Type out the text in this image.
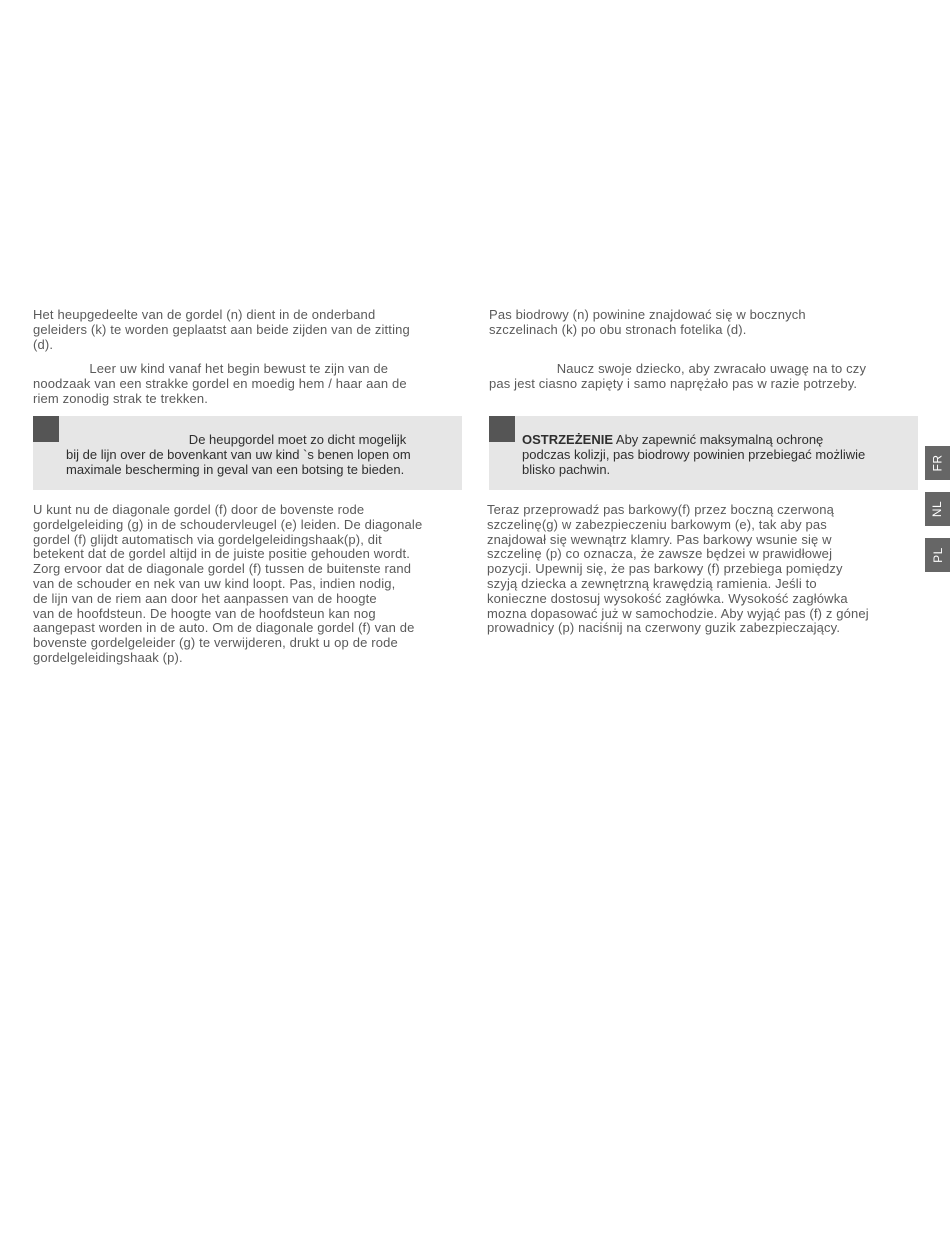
Het heupgedeelte van de gordel (n) dient in de onderband
geleiders (k) te worden geplaatst aan beide zijden van de zitting
(d).

Leer uw kind vanaf het begin bewust te zijn van de
noodzaak van een strakke gordel en moedig hem / haar aan de
riem zonodig strak te trekken.

De heupgordel moet zo dicht mogelijk
bij de lijn over de bovenkant van uw kind `s benen lopen om
maximale bescherming in geval van een botsing te bieden.

U kunt nu de diagonale gordel (f) door de bovenste rode
gordelgeleiding (g) in de schoudervleugel (e) leiden. De diagonale
gordel (f) glijdt automatisch via gordelgeleidingshaak(p), dit
betekent dat de gordel altijd in de juiste positie gehouden wordt.
Zorg ervoor dat de diagonale gordel (f) tussen de buitenste rand
van de schouder en nek van uw kind loopt. Pas, indien nodig,
de lijn van de riem aan door het aanpassen van de hoogte
van de hoofdsteun. De hoogte van de hoofdsteun kan nog
aangepast worden in de auto. Om de diagonale gordel (f) van de
bovenste gordelgeleider (g) te verwijderen, drukt u op de rode
gordelgeleidingshaak (p).

Pas biodrowy (n) powinine znajdować się w bocznych
szczelinach (k) po obu stronach fotelika (d).

Naucz swoje dziecko, aby zwracało uwagę na to czy
pas jest ciasno zapięty i samo naprężało pas w razie potrzeby.

OSTRZEŻENIE Aby zapewnić maksymalną ochronę
podczas kolizji, pas biodrowy powinien przebiegać możliwie
blisko pachwin.

Teraz przeprowadź pas barkowy(f) przez boczną czerwoną
szczelinę(g) w zabezpieczeniu barkowym (e), tak aby pas
znajdował się wewnątrz klamry. Pas barkowy wsunie się w
szczelinę (p) co oznacza, że zawsze będzei w prawidłowej
pozycji. Upewnij się, że pas barkowy (f) przebiega pomiędzy
szyją dziecka a zewnętrzną krawędzią ramienia. Jeśli to
konieczne dostosuj wysokość zagłówka. Wysokość zagłówka
mozna dopasować już w samochodzie. Aby wyjąć pas (f) z gónej
prowadnicy (p) naciśnij na czerwony guzik zabezpieczający.

FR
NL
PL
